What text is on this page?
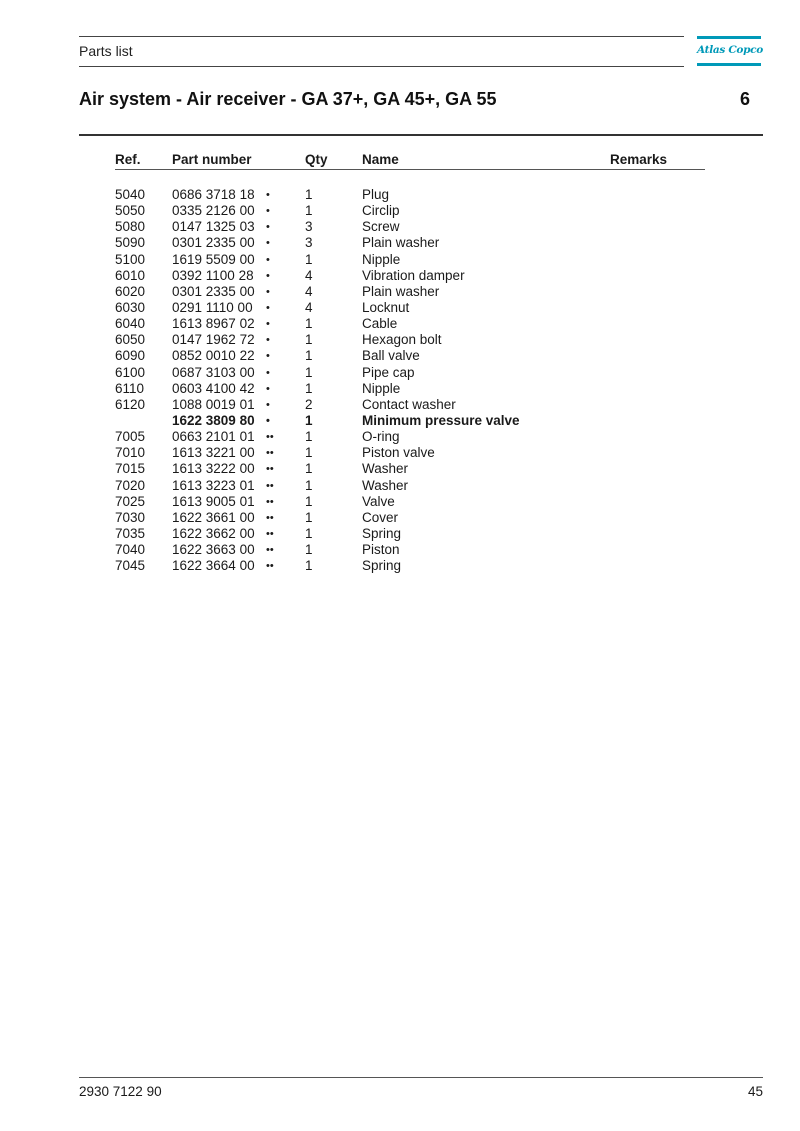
Parts list	Atlas Copco
Air system - Air receiver - GA 37+, GA 45+, GA 55	6
Ref. Part number	Qty	Name	Remarks
5040 0686 3718 18 •	1	Plug
5050 0335 2126 00 •	1	Circlip
5080 0147 1325 03 •	3	Screw
5090 0301 2335 00 •	3	Plain washer
5100 1619 5509 00 •	1	Nipple
6010 0392 1100 28 •	4	Vibration damper
6020 0301 2335 00 •	4	Plain washer
6030 0291 1110 00 •	4	Locknut
6040 1613 8967 02 •	1	Cable
6050 0147 1962 72 •	1	Hexagon bolt
6090 0852 0010 22 •	1	Ball valve
6100 0687 3103 00 •	1	Pipe cap
6110 0603 4100 42 •	1	Nipple
6120 1088 0019 01 •	2	Contact washer
1622 3809 80 •	1	Minimum pressure valve
7005 0663 2101 01 •• 1	O-ring
7010 1613 3221 00 •• 1	Piston valve
7015 1613 3222 00 •• 1	Washer
7020 1613 3223 01 •• 1	Washer
7025 1613 9005 01 •• 1	Valve
7030 1622 3661 00 •• 1	Cover
7035 1622 3662 00 •• 1	Spring
7040 1622 3663 00 •• 1	Piston
7045 1622 3664 00 •• 1	Spring
2930 7122 90	45
